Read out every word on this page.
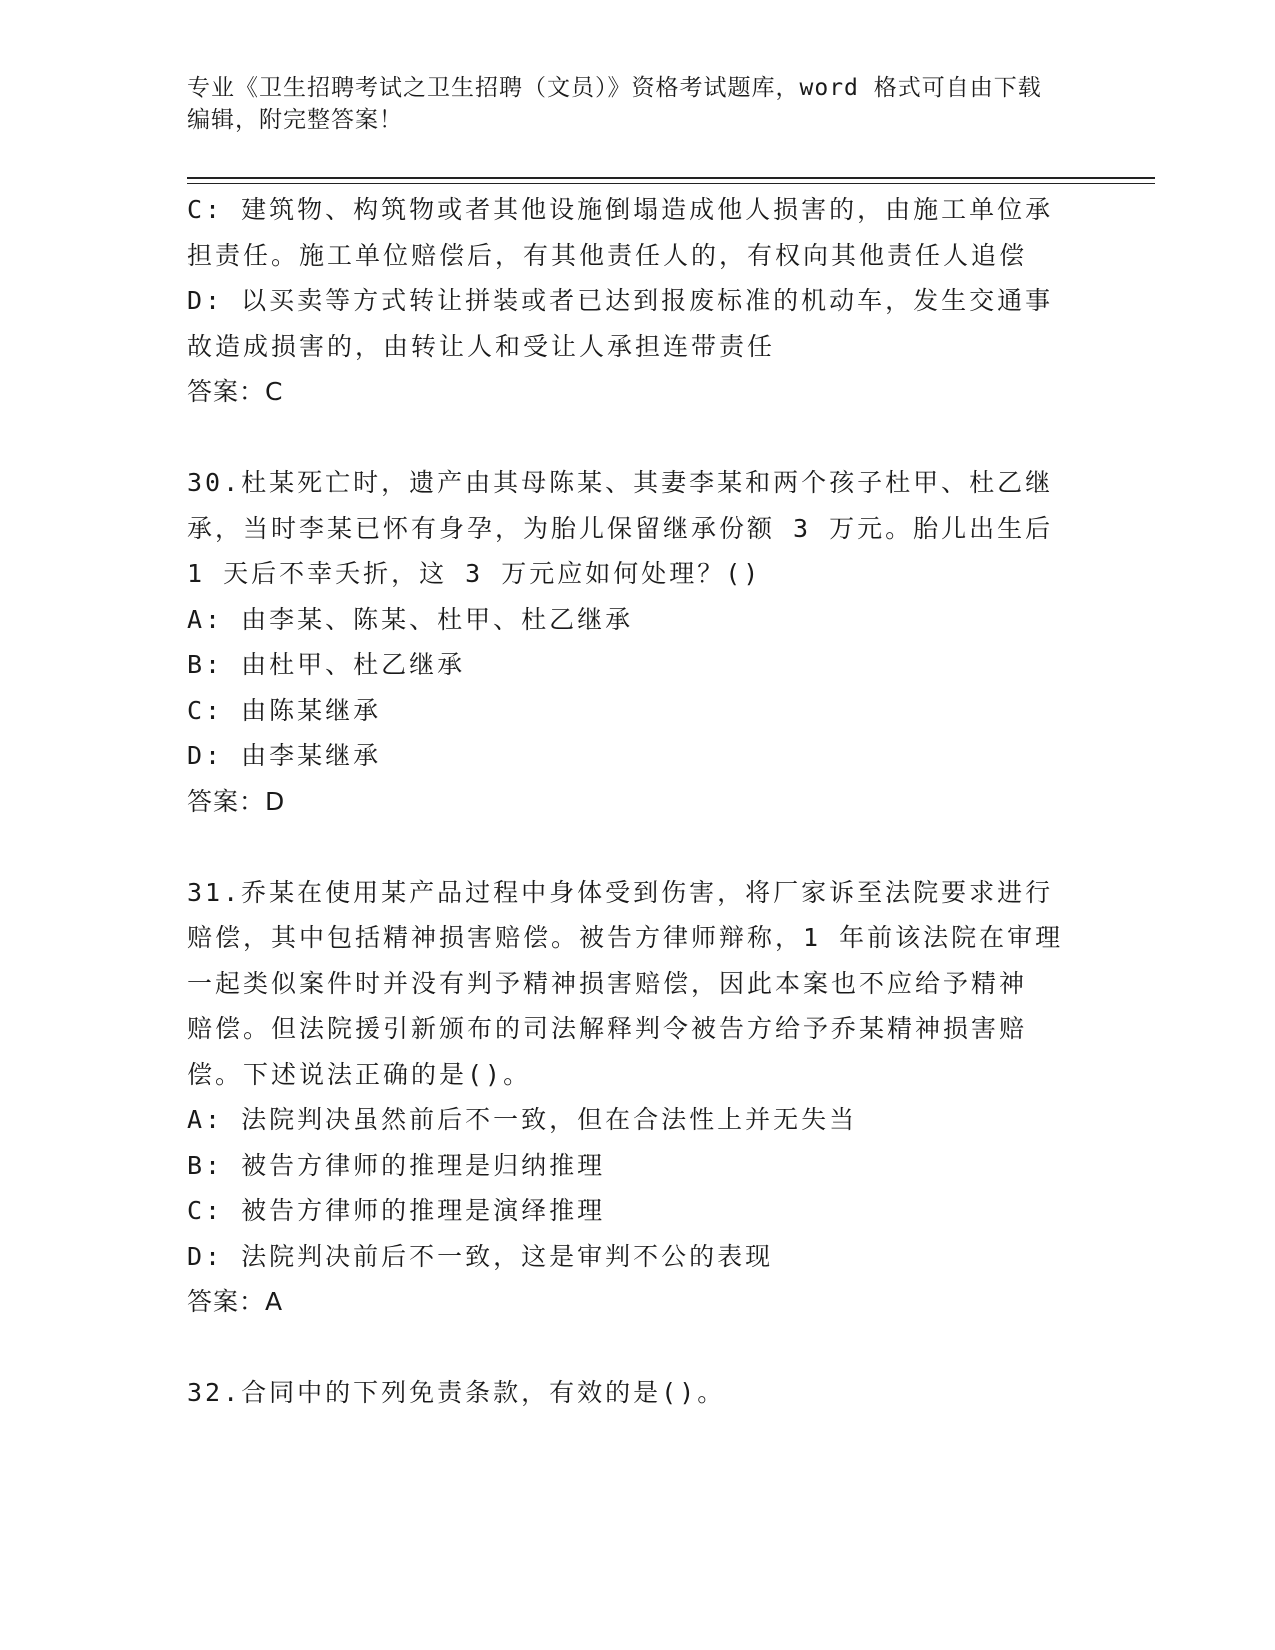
专业《卫生招聘考试之卫生招聘（文员）》资格考试题库，word 格式可自由下载
编辑，附完整答案！
C: 建筑物、构筑物或者其他设施倒塌造成他人损害的，由施工单位承
担责任。施工单位赔偿后，有其他责任人的，有权向其他责任人追偿
D: 以买卖等方式转让拼装或者已达到报废标准的机动车，发生交通事
故造成损害的，由转让人和受让人承担连带责任
答案：C
30.杜某死亡时，遗产由其母陈某、其妻李某和两个孩子杜甲、杜乙继
承，当时李某已怀有身孕，为胎儿保留继承份额 3 万元。胎儿出生后
1 天后不幸夭折，这 3 万元应如何处理？()
A: 由李某、陈某、杜甲、杜乙继承
B: 由杜甲、杜乙继承
C: 由陈某继承
D: 由李某继承
答案：D
31.乔某在使用某产品过程中身体受到伤害，将厂家诉至法院要求进行
赔偿，其中包括精神损害赔偿。被告方律师辩称，1 年前该法院在审理
一起类似案件时并没有判予精神损害赔偿，因此本案也不应给予精神
赔偿。但法院援引新颁布的司法解释判令被告方给予乔某精神损害赔
偿。下述说法正确的是()。
A: 法院判决虽然前后不一致，但在合法性上并无失当
B: 被告方律师的推理是归纳推理
C: 被告方律师的推理是演绎推理
D: 法院判决前后不一致，这是审判不公的表现
答案：A
32.合同中的下列免责条款，有效的是()。
